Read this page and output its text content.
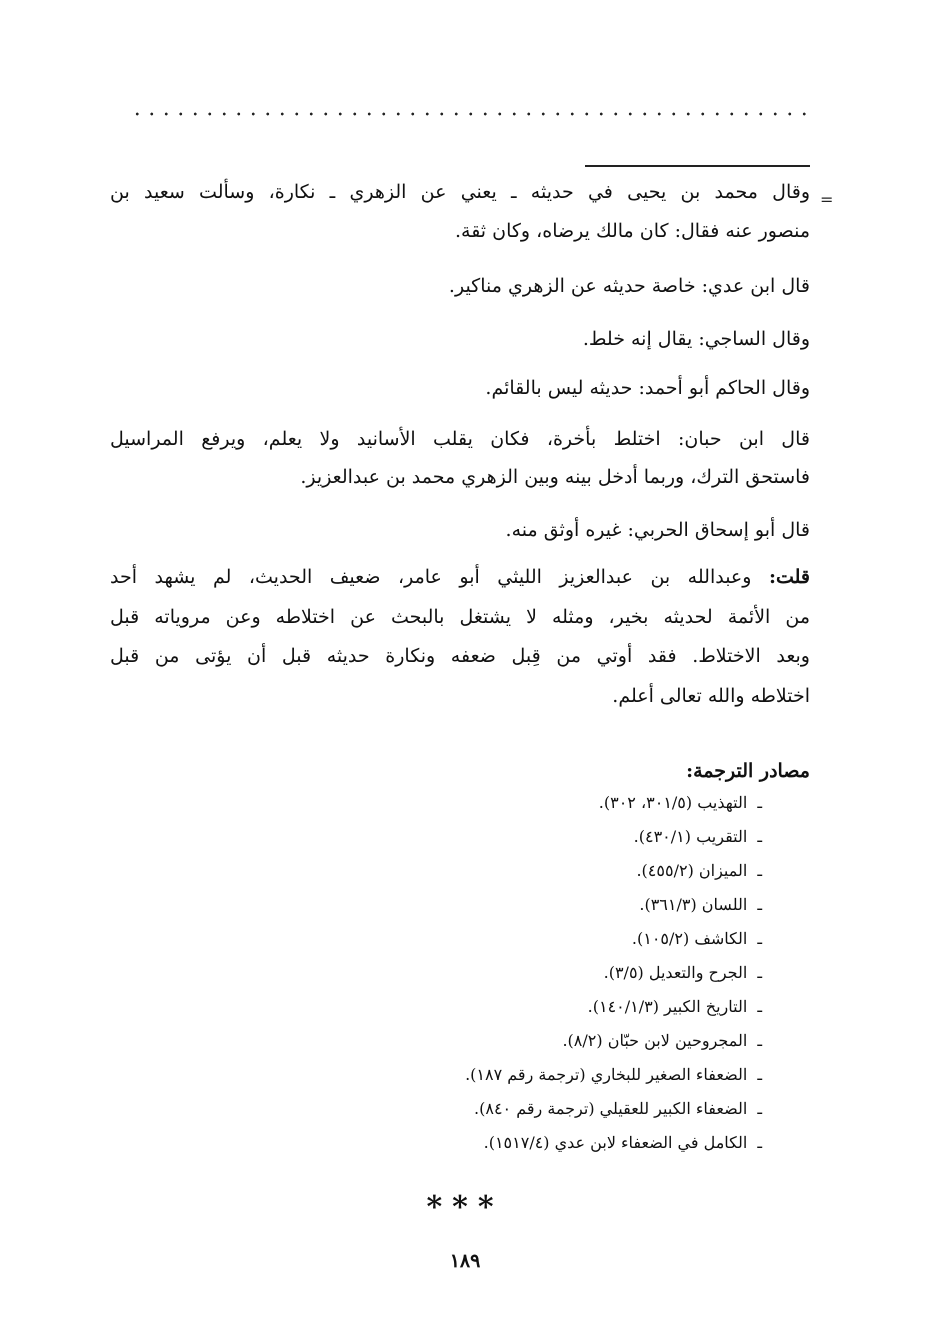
=
وقال محمد بن يحيى في حديثه ـ يعني عن الزهري ـ نكارة، وسألت سعيد بن
منصور عنه فقال: كان مالك يرضاه، وكان ثقة.
قال ابن عدي: خاصة حديثه عن الزهري مناكير.
وقال الساجي: يقال إنه خلط.
وقال الحاكم أبو أحمد: حديثه ليس بالقائم.
قال ابن حبان: اختلط بأخرة، فكان يقلب الأسانيد ولا يعلم، ويرفع المراسيل
فاستحق الترك، وربما أدخل بينه وبين الزهري محمد بن عبدالعزيز.
قال أبو إسحاق الحربي: غيره أوثق منه.
قلت: وعبدالله بن عبدالعزيز الليثي أبو عامر، ضعيف الحديث، لم يشهد أحد
من الأئمة لحديثه بخير، ومثله لا يشتغل بالبحث عن اختلاطه وعن مروياته قبل
وبعد الاختلاط. فقد أوتي من قِبل ضعفه ونكارة حديثه قبل أن يؤتى من قبل
اختلاطه والله تعالى أعلم.
مصادر الترجمة:
ـالتهذيب (٣٠١/٥، ٣٠٢).
ـالتقريب (٤٣٠/١).
ـالميزان (٤٥٥/٢).
ـاللسان (٣٦١/٣).
ـالكاشف (١٠٥/٢).
ـالجرح والتعديل (٣/٥).
ـالتاريخ الكبير (١٤٠/١/٣).
ـالمجروحين لابن حبّان (٨/٢).
ـالضعفاء الصغير للبخاري (ترجمة رقم ١٨٧).
ـالضعفاء الكبير للعقيلي (ترجمة رقم ٨٤٠).
ـالكامل في الضعفاء لابن عدي (١٥١٧/٤).
***
١٨٩
